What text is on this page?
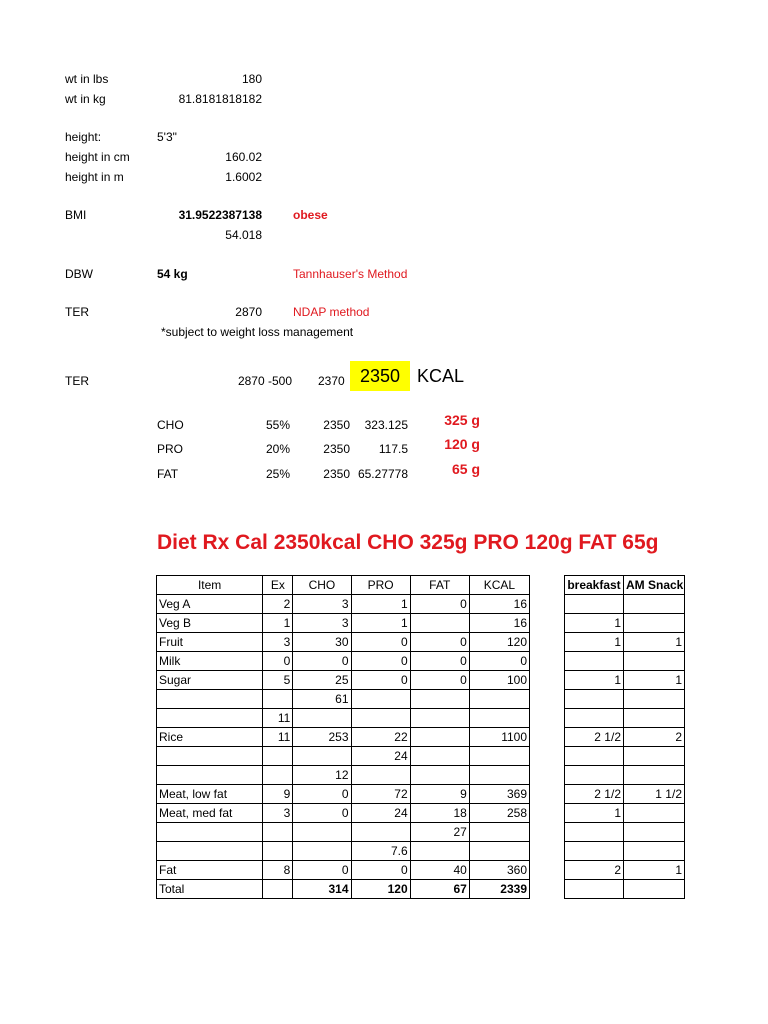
wt in lbs	180
wt in kg	81.8181818182
height:	5'3"
height in cm	160.02
height in m	1.6002
BMI	31.9522387138	obese
54.018
DBW	54 kg	Tannhauser's Method
TER	2870	NDAP method
*subject to weight loss management
TER	2870 -500 2370 2350 KCAL
CHO	55%	2350	323.125	325 g
PRO	20%	2350	117.5	120 g
FAT	25%	2350 65.27778	65 g
Diet Rx Cal 2350kcal CHO 325g PRO 120g FAT 65g
Item	Ex	CHO	PRO	FAT	KCAL
Veg A	2	3	1	0	16
Veg B	1	3	1		16
Fruit	3	30	0	0	120
Milk	0	0	0	0	0
Sugar	5	25	0	0	100
		61			
	11				
Rice	11	253	22		1100
			24		
		12			
Meat, low fat	9	0	72	9	369
Meat, med fat	3	0	24	18	258
				27	
			7.6		
Fat	8	0	0	40	360
Total		314	120	67	2339
breakfast	AM Snack

1	
1	1

1	1

2 1/2	2

2 1/2	1 1/2
1	

2	1
